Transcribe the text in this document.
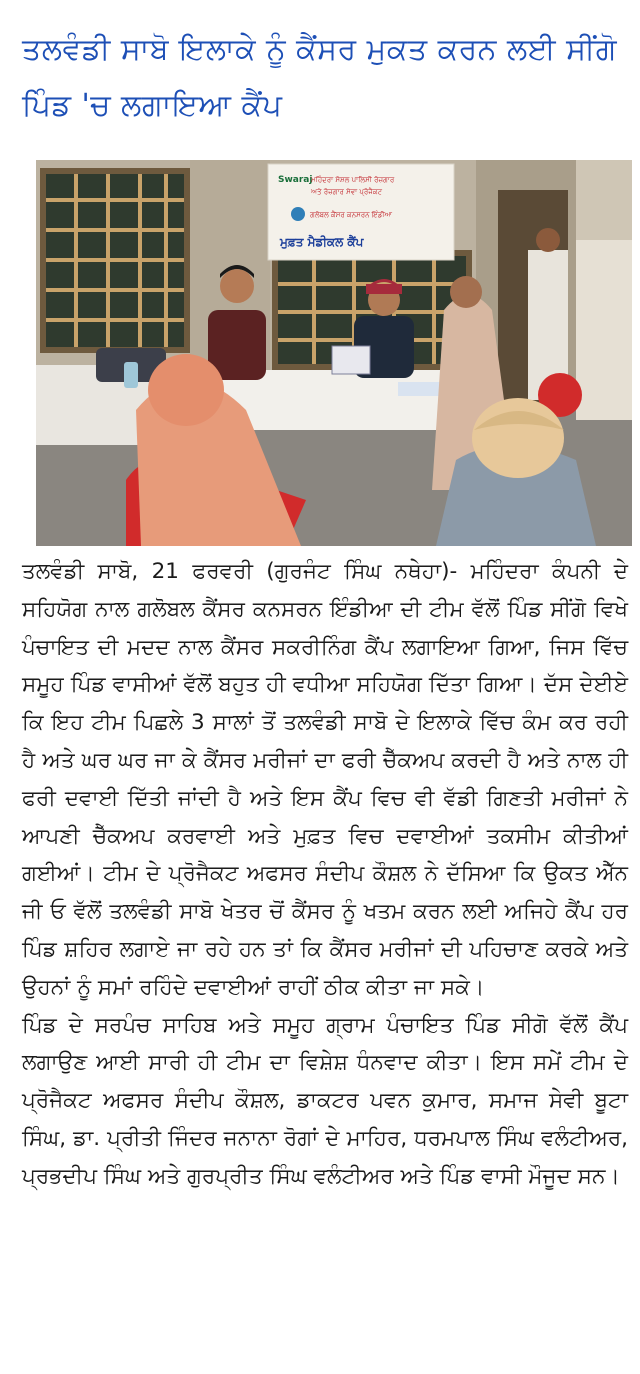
ਤਲਵੰਡੀ ਸਾਬੋ ਇਲਾਕੇ ਨੂੰ ਕੈਂਸਰ ਮੁਕਤ ਕਰਨ ਲਈ ਸੀਂਗੋ
ਪਿੰਡ 'ਚ ਲਗਾਇਆ ਕੈਂਪ
Swaraj
ਮਹਿੰਦਰਾ ਸੋਸ਼ਲ ਪਾਲਿਸੀ ਰੋਜ਼ਗਾਰ
ਅਤੇ ਰੋਜ਼ਗਾਰ ਸੇਵਾ ਪ੍ਰੋਜੈਕਟ
ਗਲੋਬਲ ਕੈਂਸਰ ਕਨਸਰਨ ਇੰਡੀਆ
ਮੁਫ਼ਤ ਮੈਡੀਕਲ ਕੈਂਪ

ਤਲਵੰਡੀ ਸਾਬੋ, 21 ਫਰਵਰੀ (ਗੁਰਜੰਟ ਸਿੰਘ ਨਥੇਹਾ)- ਮਹਿੰਦਰਾ ਕੰਪਨੀ ਦੇ ਸਹਿਯੋਗ ਨਾਲ ਗਲੋਬਲ ਕੈਂਸਰ ਕਨਸਰਨ ਇੰਡੀਆ ਦੀ ਟੀਮ ਵੱਲੋਂ ਪਿੰਡ ਸੀਂਗੋ ਵਿਖੇ ਪੰਚਾਇਤ ਦੀ ਮਦਦ ਨਾਲ ਕੈਂਸਰ ਸਕਰੀਨਿੰਗ ਕੈਂਪ ਲਗਾਇਆ ਗਿਆ, ਜਿਸ ਵਿੱਚ ਸਮੂਹ ਪਿੰਡ ਵਾਸੀਆਂ ਵੱਲੋਂ ਬਹੁਤ ਹੀ ਵਧੀਆ ਸਹਿਯੋਗ ਦਿੱਤਾ ਗਿਆ। ਦੱਸ ਦੇਈਏ ਕਿ ਇਹ ਟੀਮ ਪਿਛਲੇ 3 ਸਾਲਾਂ ਤੋਂ ਤਲਵੰਡੀ ਸਾਬੋ ਦੇ ਇਲਾਕੇ ਵਿੱਚ ਕੰਮ ਕਰ ਰਹੀ ਹੈ ਅਤੇ ਘਰ ਘਰ ਜਾ ਕੇ ਕੈਂਸਰ ਮਰੀਜਾਂ ਦਾ ਫਰੀ ਚੈੱਕਅਪ ਕਰਦੀ ਹੈ ਅਤੇ ਨਾਲ ਹੀ ਫਰੀ ਦਵਾਈ ਦਿੱਤੀ ਜਾਂਦੀ ਹੈ ਅਤੇ ਇਸ ਕੈਂਪ ਵਿਚ ਵੀ ਵੱਡੀ ਗਿਣਤੀ ਮਰੀਜਾਂ ਨੇ ਆਪਣੀ ਚੈੱਕਅਪ ਕਰਵਾਈ ਅਤੇ ਮੁਫ਼ਤ ਵਿਚ ਦਵਾਈਆਂ ਤਕਸੀਮ ਕੀਤੀਆਂ ਗਈਆਂ। ਟੀਮ ਦੇ ਪ੍ਰੋਜੈਕਟ ਅਫਸਰ ਸੰਦੀਪ ਕੌਸ਼ਲ ਨੇ ਦੱਸਿਆ ਕਿ ਉਕਤ ਐੱਨ ਜੀ ਓ ਵੱਲੋਂ ਤਲਵੰਡੀ ਸਾਬੋ ਖੇਤਰ ਚੋਂ ਕੈਂਸਰ ਨੂੰ ਖਤਮ ਕਰਨ ਲਈ ਅਜਿਹੇ ਕੈਂਪ ਹਰ ਪਿੰਡ ਸ਼ਹਿਰ ਲਗਾਏ ਜਾ ਰਹੇ ਹਨ ਤਾਂ ਕਿ ਕੈਂਸਰ ਮਰੀਜਾਂ ਦੀ ਪਹਿਚਾਣ ਕਰਕੇ ਅਤੇ ਉਹਨਾਂ ਨੂੰ ਸਮਾਂ ਰਹਿੰਦੇ ਦਵਾਈਆਂ ਰਾਹੀਂ ਠੀਕ ਕੀਤਾ ਜਾ ਸਕੇ।

ਪਿੰਡ ਦੇ ਸਰਪੰਚ ਸਾਹਿਬ ਅਤੇ ਸਮੂਹ ਗ੍ਰਾਮ ਪੰਚਾਇਤ ਪਿੰਡ ਸੀਗੋ ਵੱਲੋਂ ਕੈਂਪ ਲਗਾਉਣ ਆਈ ਸਾਰੀ ਹੀ ਟੀਮ ਦਾ ਵਿਸ਼ੇਸ਼ ਧੰਨਵਾਦ ਕੀਤਾ। ਇਸ ਸਮੇਂ ਟੀਮ ਦੇ ਪ੍ਰੋਜੈਕਟ ਅਫਸਰ ਸੰਦੀਪ ਕੌਸ਼ਲ, ਡਾਕਟਰ ਪਵਨ ਕੁਮਾਰ, ਸਮਾਜ ਸੇਵੀ ਬੂਟਾ ਸਿੰਘ, ਡਾ. ਪ੍ਰੀਤੀ ਜਿੰਦਰ ਜਨਾਨਾ ਰੋਗਾਂ ਦੇ ਮਾਹਿਰ, ਧਰਮਪਾਲ ਸਿੰਘ ਵਲੰਟੀਅਰ, ਪ੍ਰਭਦੀਪ ਸਿੰਘ ਅਤੇ ਗੁਰਪ੍ਰੀਤ ਸਿੰਘ ਵਲੰਟੀਅਰ ਅਤੇ ਪਿੰਡ ਵਾਸੀ ਮੌਜੂਦ ਸਨ।
